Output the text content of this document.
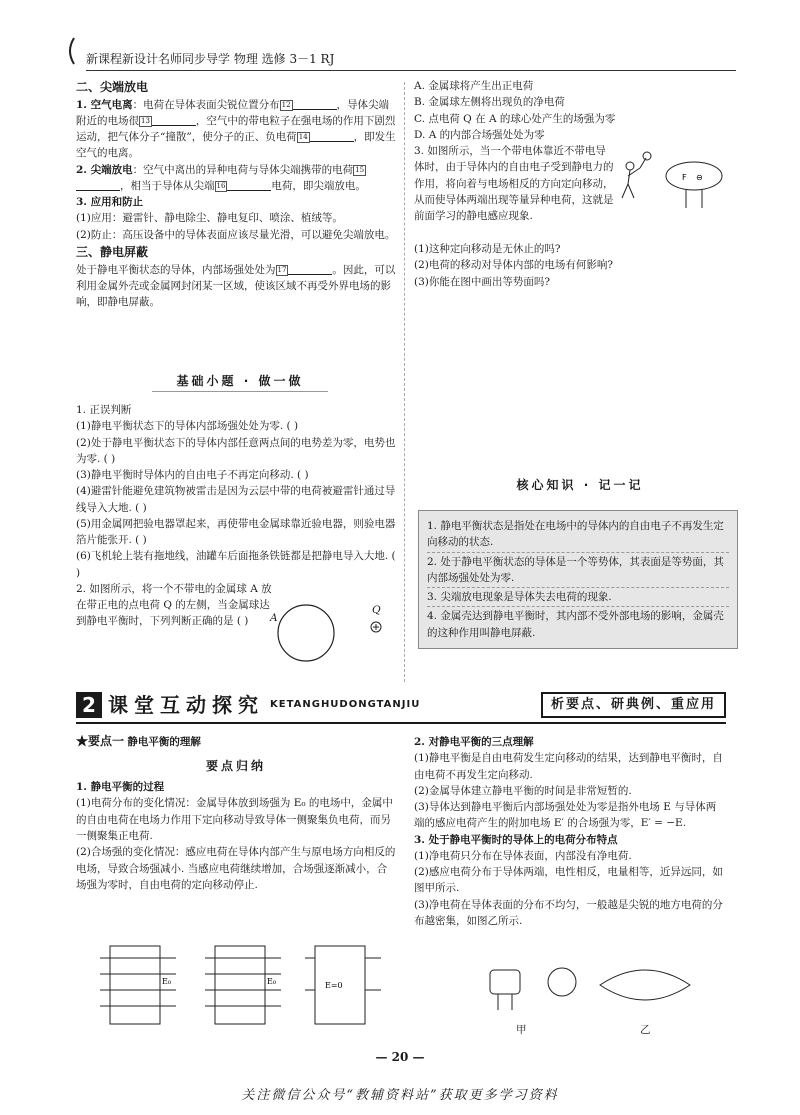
新课程新设计名师同步导学 物理 选修 3－1 RJ

二、尖端放电

1. 空气电离：电荷在导体表面尖锐位置分布 12	，导体尖端附近的电场很 13	，空气中的带电粒子在强电场的作用下剧烈运动，把气体分子“撞散”，使分子的正、负电荷 14	，即发生空气的电离。

2. 尖端放电：空气中离出的异种电荷与导体尖端携带的电荷 15，相当于导体从尖端 16	电荷，即尖端放电。

3. 应用和防止

(1)应用：避雷针、静电除尘、静电复印、喷涂、植绒等。

(2)防止：高压设备中的导体表面应该尽量光滑，可以避免尖端放电。

三、静电屏蔽

处于静电平衡状态的导体，内部场强处处为 17	。因此，可以利用金属外壳或金属网封闭某一区域，使该区域不再受外界电场的影响，即静电屏蔽。

基础小题 · 做一做

1. 正误判断

(1)静电平衡状态下的导体内部场强处处为零. ( )

(2)处于静电平衡状态下的导体内部任意两点间的电势差为零，电势也为零. ( )

(3)静电平衡时导体内的自由电子不再定向移动. ( )

(4)避雷针能避免建筑物被雷击是因为云层中带的电荷被避雷针通过导线导入大地. ( )

(5)用金属网把验电器罩起来，再使带电金属球靠近验电器，则验电器箔片能张开. ( )

(6)飞机轮上装有拖地线，油罐车后面拖条铁链都是把静电导入大地. ( )

2. 如图所示，将一个不带电的金属球 A 放在带正电的点电荷 Q 的左侧，当金属球达到静电平衡时，下列判断正确的是 ( )	A
Q

A. 金属球将产生出正电荷

B. 金属球左侧将出现负的净电荷

C. 点电荷 Q 在 A 的球心处产生的场强为零

D. A 的内部合场强处处为零

3. 如图所示，当一个带电体靠近不带电导体时，由于导体内的自由电子受到静电力的作用，将向着与电场相反的方向定向移动，从而使导体两端出现等量异种电荷，这就是前面学习的静电感应现象.

(1)这种定向移动是无休止的吗?

(2)电荷的移动对导体内部的电场有何影响?

(3)你能在图中画出等势面吗?

F ⊖
核心知识 · 记一记

1. 静电平衡状态是指处在电场中的导体内的自由电子不再发生定向移动的状态.

2. 处于静电平衡状态的导体是一个等势体，其表面是等势面，其内部场强处处为零.

3. 尖端放电现象是导体失去电荷的现象.

4. 金属壳达到静电平衡时，其内部不受外部电场的影响，金属壳的这种作用叫静电屏蔽.

2 课堂互动探究 KETANGHUDONGTANJIU	析要点、研典例、重应用

★要点一 静电平衡的理解

要点归纳

1. 静电平衡的过程

(1)电荷分布的变化情况：金属导体放到场强为 E₀ 的电场中，金属中的自由电荷在电场力作用下定向移动导致导体一侧聚集负电荷，而另一侧聚集正电荷.

(2)合场强的变化情况：感应电荷在导体内部产生与原电场方向相反的电场，导致合场强减小. 当感应电荷继续增加，合场强逐渐减小，合场强为零时，自由电荷的定向移动停止.

E₀	E₀	E=0

2. 对静电平衡的三点理解

(1)静电平衡是自由电荷发生定向移动的结果，达到静电平衡时，自由电荷不再发生定向移动.

(2)金属导体建立静电平衡的时间是非常短暂的.

(3)导体达到静电平衡后内部场强处处为零是指外电场 E 与导体两端的感应电荷产生的附加电场 E′ 的合场强为零，E′ = −E.

3. 处于静电平衡时的导体上的电荷分布特点

(1)净电荷只分布在导体表面，内部没有净电荷.

(2)感应电荷分布于导体两端，电性相反，电量相等，近异远同，如图甲所示.

(3)净电荷在导体表面的分布不均匀，一般越是尖锐的地方电荷的分布越密集，如图乙所示.

甲	乙
— 20 —
关注微信公众号“教辅资料站”获取更多学习资料
